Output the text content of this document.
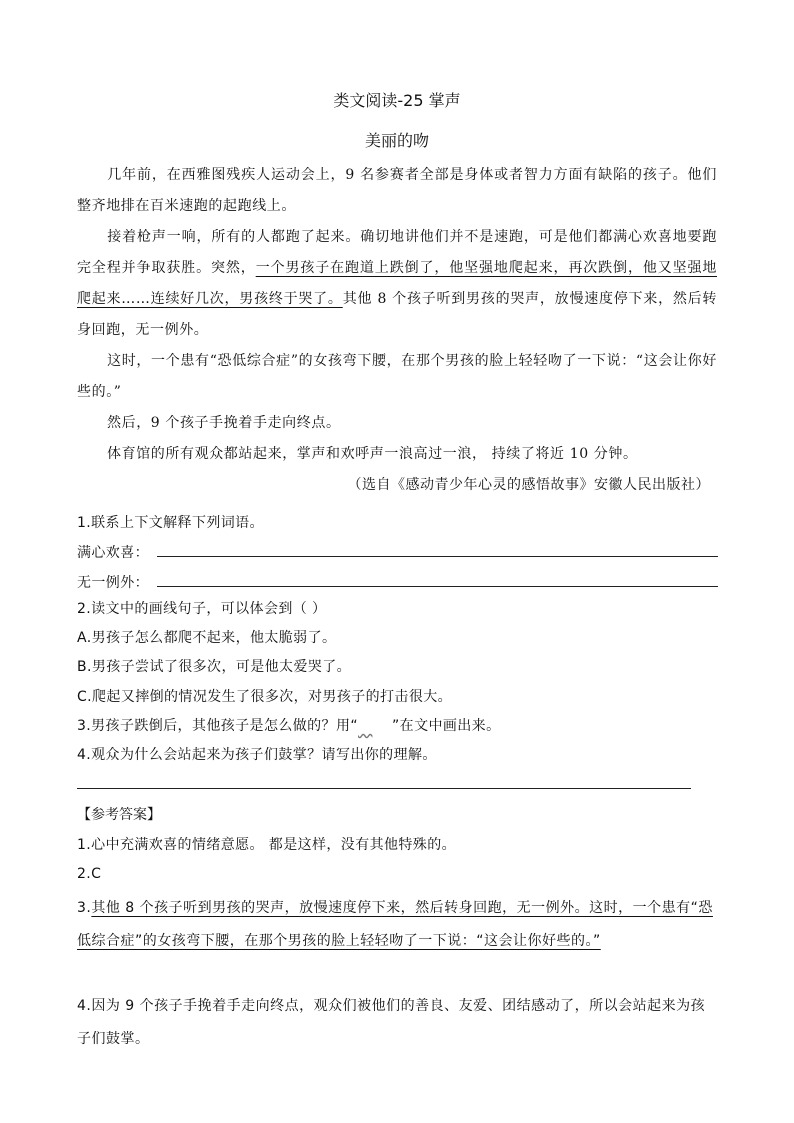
类文阅读-25 掌声
美丽的吻
几年前，在西雅图残疾人运动会上，9 名参赛者全部是身体或者智力方面有缺陷的孩子。他们整齐地排在百米速跑的起跑线上。
接着枪声一响，所有的人都跑了起来。确切地讲他们并不是速跑，可是他们都满心欢喜地要跑完全程并争取获胜。突然，一个男孩子在跑道上跌倒了，他坚强地爬起来，再次跌倒，他又坚强地爬起来……连续好几次，男孩终于哭了。其他 8 个孩子听到男孩的哭声，放慢速度停下来，然后转身回跑，无一例外。
这时，一个患有“恐低综合症”的女孩弯下腰，在那个男孩的脸上轻轻吻了一下说：“这会让你好些的。”
然后，9 个孩子手挽着手走向终点。
体育馆的所有观众都站起来，掌声和欢呼声一浪高过一浪， 持续了将近 10 分钟。
（选自《感动青少年心灵的感悟故事》安徽人民出版社）
1.联系上下文解释下列词语。
满心欢喜：
无一例外：
2.读文中的画线句子，可以体会到（ ）
A.男孩子怎么都爬不起来，他太脆弱了。
B.男孩子尝试了很多次，可是他太爱哭了。
C.爬起又摔倒的情况发生了很多次，对男孩子的打击很大。
3.男孩子跌倒后，其他孩子是怎么做的？用“ ”在文中画出来。
4.观众为什么会站起来为孩子们鼓掌？请写出你的理解。
【参考答案】
1.心中充满欢喜的情绪意愿。 都是这样，没有其他特殊的。
2.C
3.其他 8 个孩子听到男孩的哭声，放慢速度停下来，然后转身回跑，无一例外。这时，一个患有“恐低综合症”的女孩弯下腰，在那个男孩的脸上轻轻吻了一下说：“这会让你好些的。”
4.因为 9 个孩子手挽着手走向终点，观众们被他们的善良、友爱、团结感动了，所以会站起来为孩子们鼓掌。
